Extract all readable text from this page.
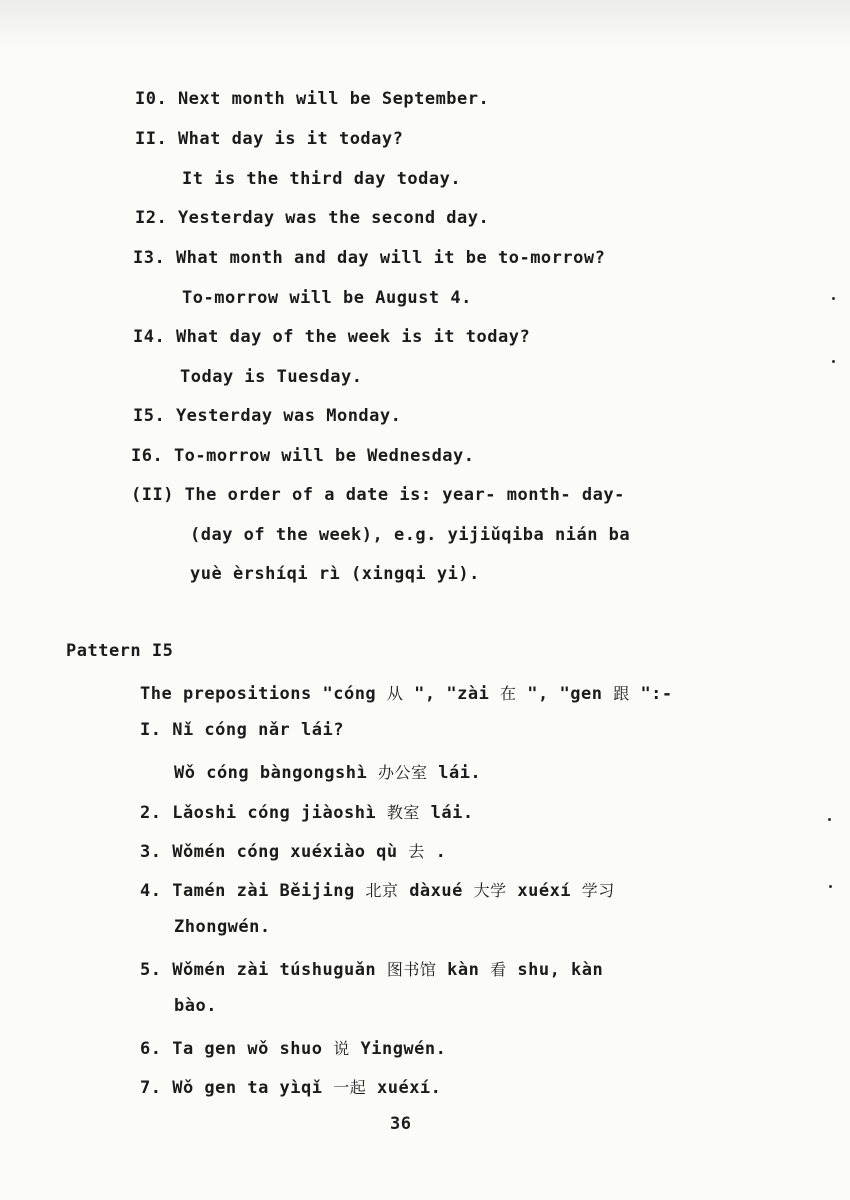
I0. Next month will be September.
II. What day is it today?
It is the third day today.
I2. Yesterday was the second day.
I3. What month and day will it be to-morrow?
To-morrow will be August 4.
I4. What day of the week is it today?
Today is Tuesday.
I5. Yesterday was Monday.
I6. To-morrow will be Wednesday.
(II) The order of a date is: year- month- day-
(day of the week), e.g. yijiǔqiba nián ba
yuè èrshíqi rì (xingqi yi).
Pattern I5
The prepositions "cóng 从 ", "zài 在 ", "gen 跟 ":-
I. Nǐ cóng nǎr lái?
Wǒ cóng bàngongshì 办公室 lái.
2. Lǎoshi cóng jiàoshì 教室 lái.
3. Wǒmén cóng xuéxiào qù 去 .
4. Tamén zài Běijing 北京 dàxué 大学 xuéxí 学习
Zhongwén.
5. Wǒmén zài túshuguǎn 图书馆 kàn 看 shu, kàn
bào.
6. Ta gen wǒ shuo 说 Yingwén.
7. Wǒ gen ta yìqǐ 一起 xuéxí.
36
